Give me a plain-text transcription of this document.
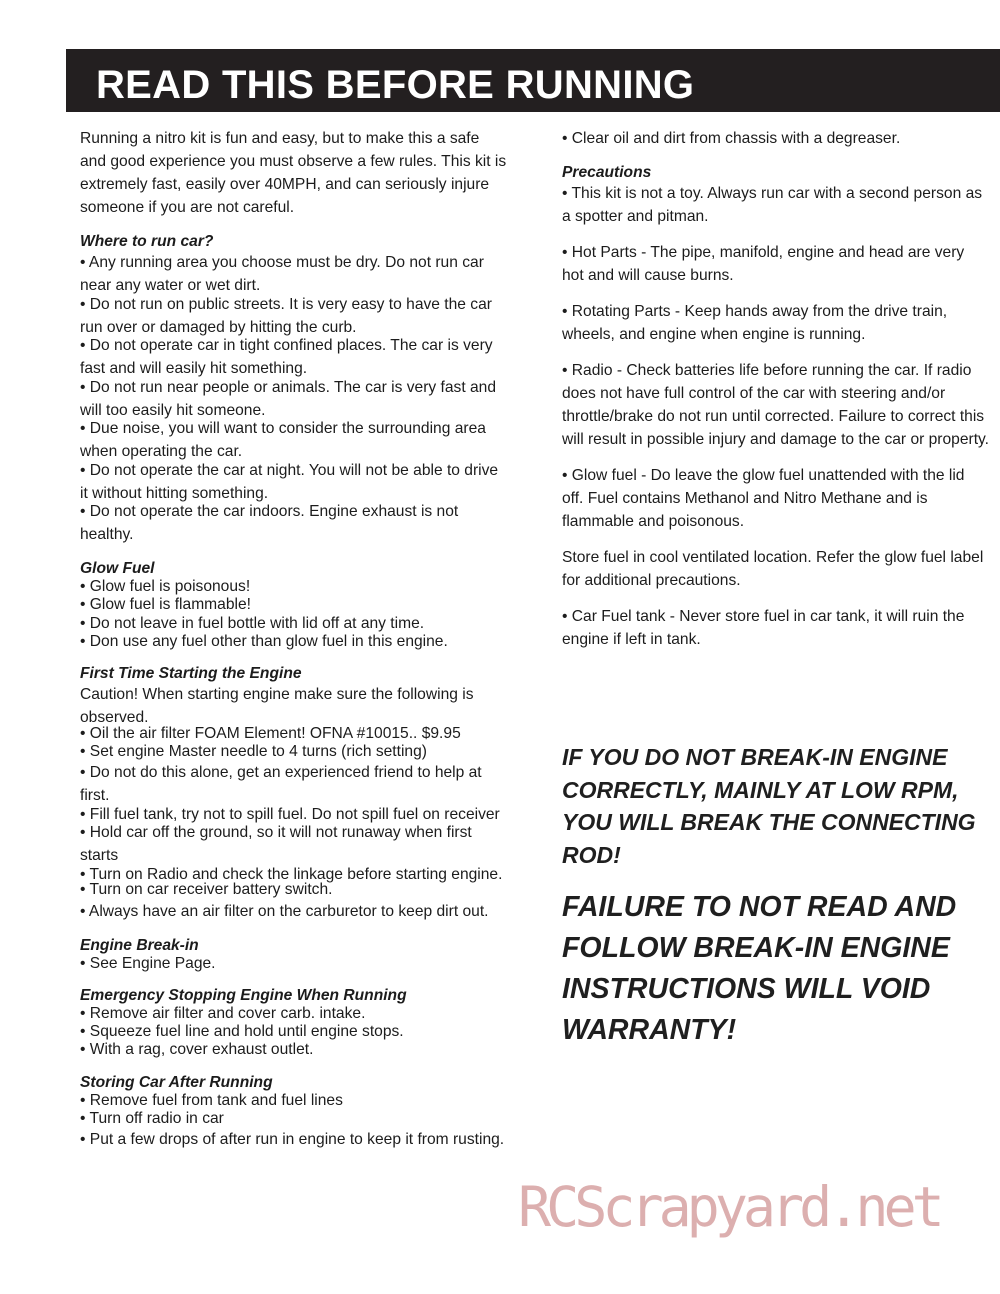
READ THIS BEFORE RUNNING

Running a nitro kit is fun and easy, but to make this a safe and good experience you must observe a few rules. This kit is extremely fast, easily over 40MPH, and can seriously injure someone if you are not careful.

Where to run car?

• Any running area you choose must be dry. Do not run car near any water or wet dirt.

• Do not run on public streets. It is very easy to have the car run over or damaged by hitting the curb.

• Do not operate car in tight confined places. The car is very fast and will easily hit something.

• Do not run near people or animals. The car is very fast and will too easily hit someone.

• Due noise, you will want to consider the surrounding area when operating the car.

• Do not operate the car at night. You will not be able to drive it without hitting something.

• Do not operate the car indoors. Engine exhaust is not healthy.

Glow Fuel

• Glow fuel is poisonous!

• Glow fuel is flammable!

• Do not leave in fuel bottle with lid off at any time.

• Don use any fuel other than glow fuel in this engine.

First Time Starting the Engine

Caution! When starting engine make sure the following is observed.

• Oil the air filter FOAM Element! OFNA #10015.. $9.95

• Set engine Master needle to 4 turns (rich setting)

• Do not do this alone, get an experienced friend to help at first.

• Fill fuel tank, try not to spill fuel. Do not spill fuel on receiver

• Hold car off the ground, so it will not runaway when first starts

• Turn on Radio and check the linkage before starting engine.

• Turn on car receiver battery switch.

• Always have an air filter on the carburetor to keep dirt out.

Engine Break-in

• See Engine Page.

Emergency Stopping Engine When Running

• Remove air filter and cover carb. intake.

• Squeeze fuel line and hold until engine stops.

• With a rag, cover exhaust outlet.

Storing Car After Running

• Remove fuel from tank and fuel lines

• Turn off radio in car

• Put a few drops of after run in engine to keep it from rusting.

• Clear oil and dirt from chassis with a degreaser.

Precautions

• This kit is not a toy. Always run car with a second person as a spotter and pitman.

• Hot Parts - The pipe, manifold, engine and head are very hot and will cause burns.

• Rotating Parts - Keep hands away from the drive train, wheels, and engine when engine is running.

• Radio - Check batteries life before running the car. If radio does not have full control of the car with steering and/or throttle/brake do not run until corrected. Failure to correct this will result in possible injury and damage to the car or property.

• Glow fuel - Do leave the glow fuel unattended with the lid off. Fuel contains Methanol and Nitro Methane and is flammable and poisonous.

Store fuel in cool ventilated location. Refer the glow fuel label for additional precautions.

• Car Fuel tank - Never store fuel in car tank, it will ruin the engine if left in tank.

IF YOU DO NOT BREAK-IN ENGINE CORRECTLY, MAINLY AT LOW RPM, YOU WILL BREAK THE CONNECTING ROD!
FAILURE TO NOT READ AND FOLLOW BREAK-IN ENGINE INSTRUCTIONS WILL VOID WARRANTY!
RCScrapyard.net
